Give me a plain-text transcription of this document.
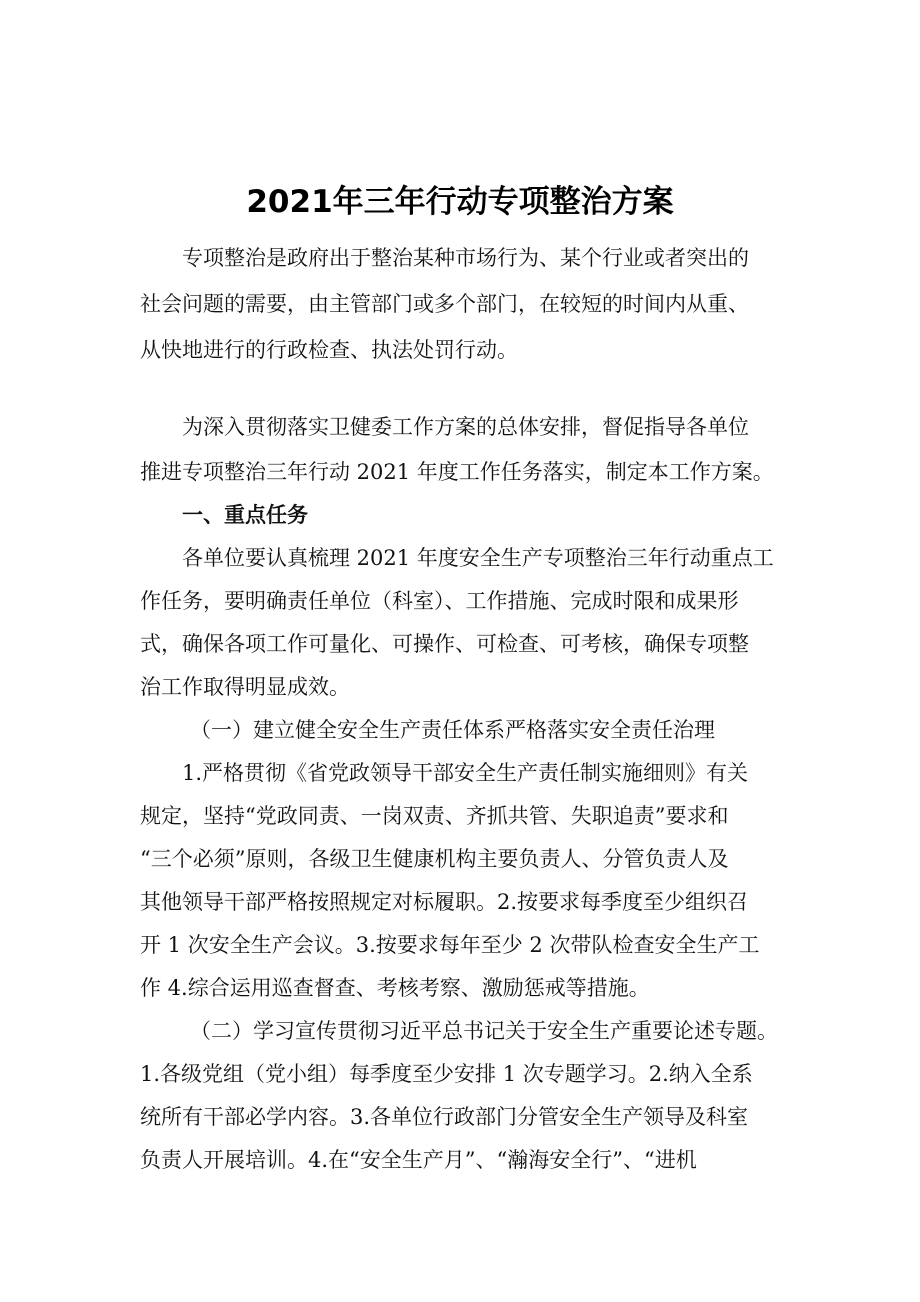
2021年三年行动专项整治方案
专项整治是政府出于整治某种市场行为、某个行业或者突出的
社会问题的需要，由主管部门或多个部门，在较短的时间内从重、
从快地进行的行政检查、执法处罚行动。
为深入贯彻落实卫健委工作方案的总体安排，督促指导各单位
推进专项整治三年行动 2021 年度工作任务落实，制定本工作方案。
一、重点任务
各单位要认真梳理 2021 年度安全生产专项整治三年行动重点工
作任务，要明确责任单位（科室）、工作措施、完成时限和成果形
式，确保各项工作可量化、可操作、可检查、可考核，确保专项整
治工作取得明显成效。
（一）建立健全安全生产责任体系严格落实安全责任治理
1.严格贯彻《省党政领导干部安全生产责任制实施细则》有关
规定，坚持“党政同责、一岗双责、齐抓共管、失职追责”要求和
“三个必须”原则，各级卫生健康机构主要负责人、分管负责人及
其他领导干部严格按照规定对标履职。2.按要求每季度至少组织召
开 1 次安全生产会议。3.按要求每年至少 2 次带队检查安全生产工
作 4.综合运用巡查督查、考核考察、激励惩戒等措施。
（二）学习宣传贯彻习近平总书记关于安全生产重要论述专题。
1.各级党组（党小组）每季度至少安排 1 次专题学习。2.纳入全系
统所有干部必学内容。3.各单位行政部门分管安全生产领导及科室
负责人开展培训。4.在“安全生产月”、“瀚海安全行”、“进机
